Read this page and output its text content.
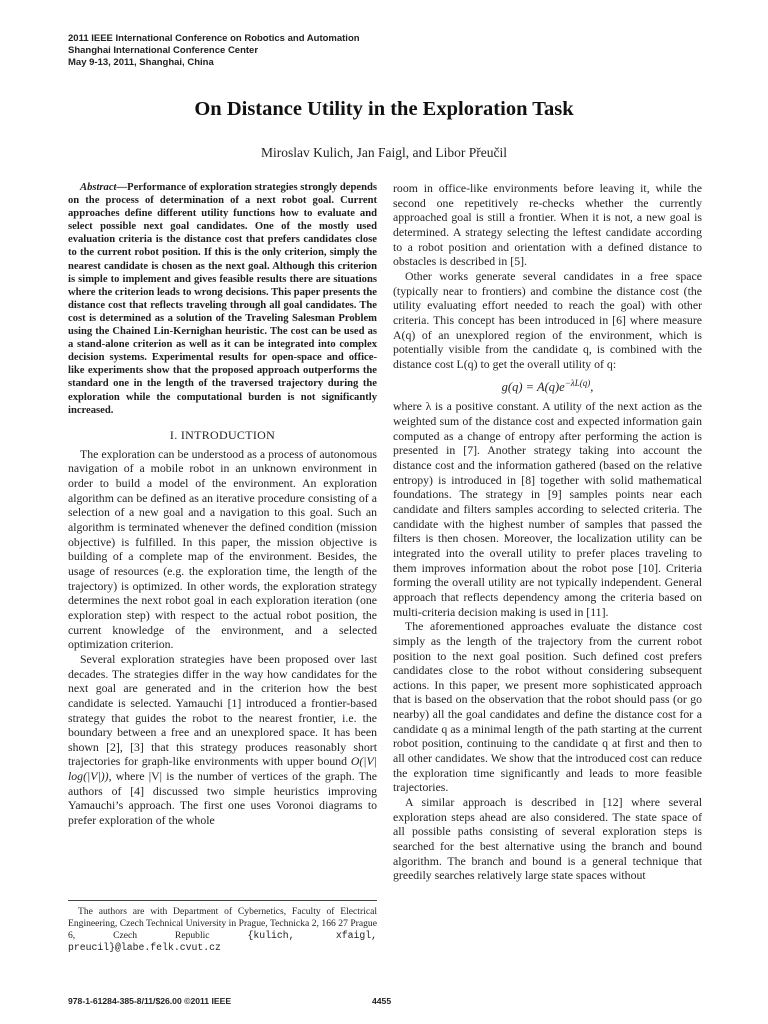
2011 IEEE International Conference on Robotics and Automation
Shanghai International Conference Center
May 9-13, 2011, Shanghai, China
On Distance Utility in the Exploration Task
Miroslav Kulich, Jan Faigl, and Libor Přeučil

Abstract—Performance of exploration strategies strongly depends on the process of determination of a next robot goal. Current approaches define different utility functions how to evaluate and select possible next goal candidates. One of the mostly used evaluation criteria is the distance cost that prefers candidates close to the current robot position. If this is the only criterion, simply the nearest candidate is chosen as the next goal. Although this criterion is simple to implement and gives feasible results there are situations where the criterion leads to wrong decisions. This paper presents the distance cost that reflects traveling through all goal candidates. The cost is determined as a solution of the Traveling Salesman Problem using the Chained Lin-Kernighan heuristic. The cost can be used as a stand-alone criterion as well as it can be integrated into complex decision systems. Experimental results for open-space and office-like experiments show that the proposed approach outperforms the standard one in the length of the traversed trajectory during the exploration while the computational burden is not significantly increased.

I. INTRODUCTION

The exploration can be understood as a process of autonomous navigation of a mobile robot in an unknown environment in order to build a model of the environment. An exploration algorithm can be defined as an iterative procedure consisting of a selection of a new goal and a navigation to this goal. Such an algorithm is terminated whenever the defined condition (mission objective) is fulfilled. In this paper, the mission objective is building of a complete map of the environment. Besides, the usage of resources (e.g. the exploration time, the length of the trajectory) is optimized. In other words, the exploration strategy determines the next robot goal in each exploration iteration (one exploration step) with respect to the actual robot position, the current knowledge of the environment, and a selected optimization criterion.

Several exploration strategies have been proposed over last decades. The strategies differ in the way how candidates for the next goal are generated and in the criterion how the best candidate is selected. Yamauchi [1] introduced a frontier-based strategy that guides the robot to the nearest frontier, i.e. the boundary between a free and an unexplored space. It has been shown [2], [3] that this strategy produces reasonably short trajectories for graph-like environments with upper bound O(|V| log(|V|)), where |V| is the number of vertices of the graph. The authors of [4] discussed two simple heuristics improving Yamauchi’s approach. The first one uses Voronoi diagrams to prefer exploration of the whole

The authors are with Department of Cybernetics, Faculty of Electrical Engineering, Czech Technical University in Prague, Technicka 2, 166 27 Prague 6, Czech Republic {kulich, xfaigl, preucil}@labe.felk.cvut.cz

room in office-like environments before leaving it, while the second one repetitively re-checks whether the currently approached goal is still a frontier. When it is not, a new goal is determined. A strategy selecting the leftest candidate according to a robot position and orientation with a defined distance to obstacles is described in [5].

Other works generate several candidates in a free space (typically near to frontiers) and combine the distance cost (the utility evaluating effort needed to reach the goal) with other criteria. This concept has been introduced in [6] where measure A(q) of an unexplored region of the environment, which is potentially visible from the candidate q, is combined with the distance cost L(q) to get the overall utility of q:

$g(q) = A(q)e^{-\lambda L(q)}$,

where λ is a positive constant. A utility of the next action as the weighted sum of the distance cost and expected information gain computed as a change of entropy after performing the action is presented in [7]. Another strategy taking into account the distance cost and the information gathered (based on the relative entropy) is introduced in [8] together with solid mathematical foundations. The strategy in [9] samples points near each candidate and filters samples according to selected criteria. The candidate with the highest number of samples that passed the filters is then chosen. Moreover, the localization utility can be integrated into the overall utility to prefer places traveling to them improves information about the robot pose [10]. Criteria forming the overall utility are not typically independent. General approach that reflects dependency among the criteria based on multi-criteria decision making is used in [11].

The aforementioned approaches evaluate the distance cost simply as the length of the trajectory from the current robot position to the next goal position. Such defined cost prefers candidates close to the robot without considering subsequent actions. In this paper, we present more sophisticated approach that is based on the observation that the robot should pass (or go nearby) all the goal candidates and define the distance cost for a candidate q as a minimal length of the path starting at the current robot position, continuing to the candidate q at first and then to all other candidates. We show that the introduced cost can reduce the exploration time significantly and leads to more feasible trajectories.

A similar approach is described in [12] where several exploration steps ahead are also considered. The state space of all possible paths consisting of several exploration steps is searched for the best alternative using the branch and bound algorithm. The branch and bound is a general technique that greedily searches relatively large state spaces without

978-1-61284-385-8/11/$26.00 ©2011 IEEE	4455
